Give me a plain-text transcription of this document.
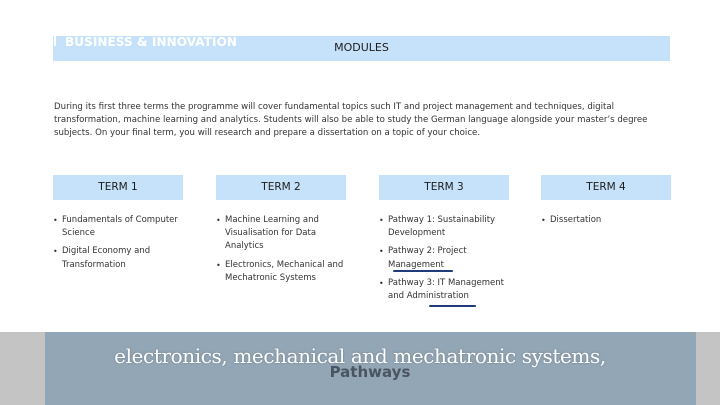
BUSINESS & INNOVATION	MODULES

During its first three terms the programme will cover fundamental topics such IT and project management and techniques, digital transformation, machine learning and analytics. Students will also be able to study the German language alongside your master’s degree subjects. On your final term, you will research and prepare a dissertation on a topic of your choice.

TERM 1
• Fundamentals of Computer Science
• Digital Economy and Transformation
TERM 2
• Machine Learning and Visualisation for Data Analytics
• Electronics, Mechanical and Mechatronic Systems
TERM 3
• Pathway 1: Sustainability Development
• Pathway 2: Project Management
• Pathway 3: IT Management and Administration
TERM 4
• Dissertation
Pathways
electronics, mechanical and mechatronic systems,
